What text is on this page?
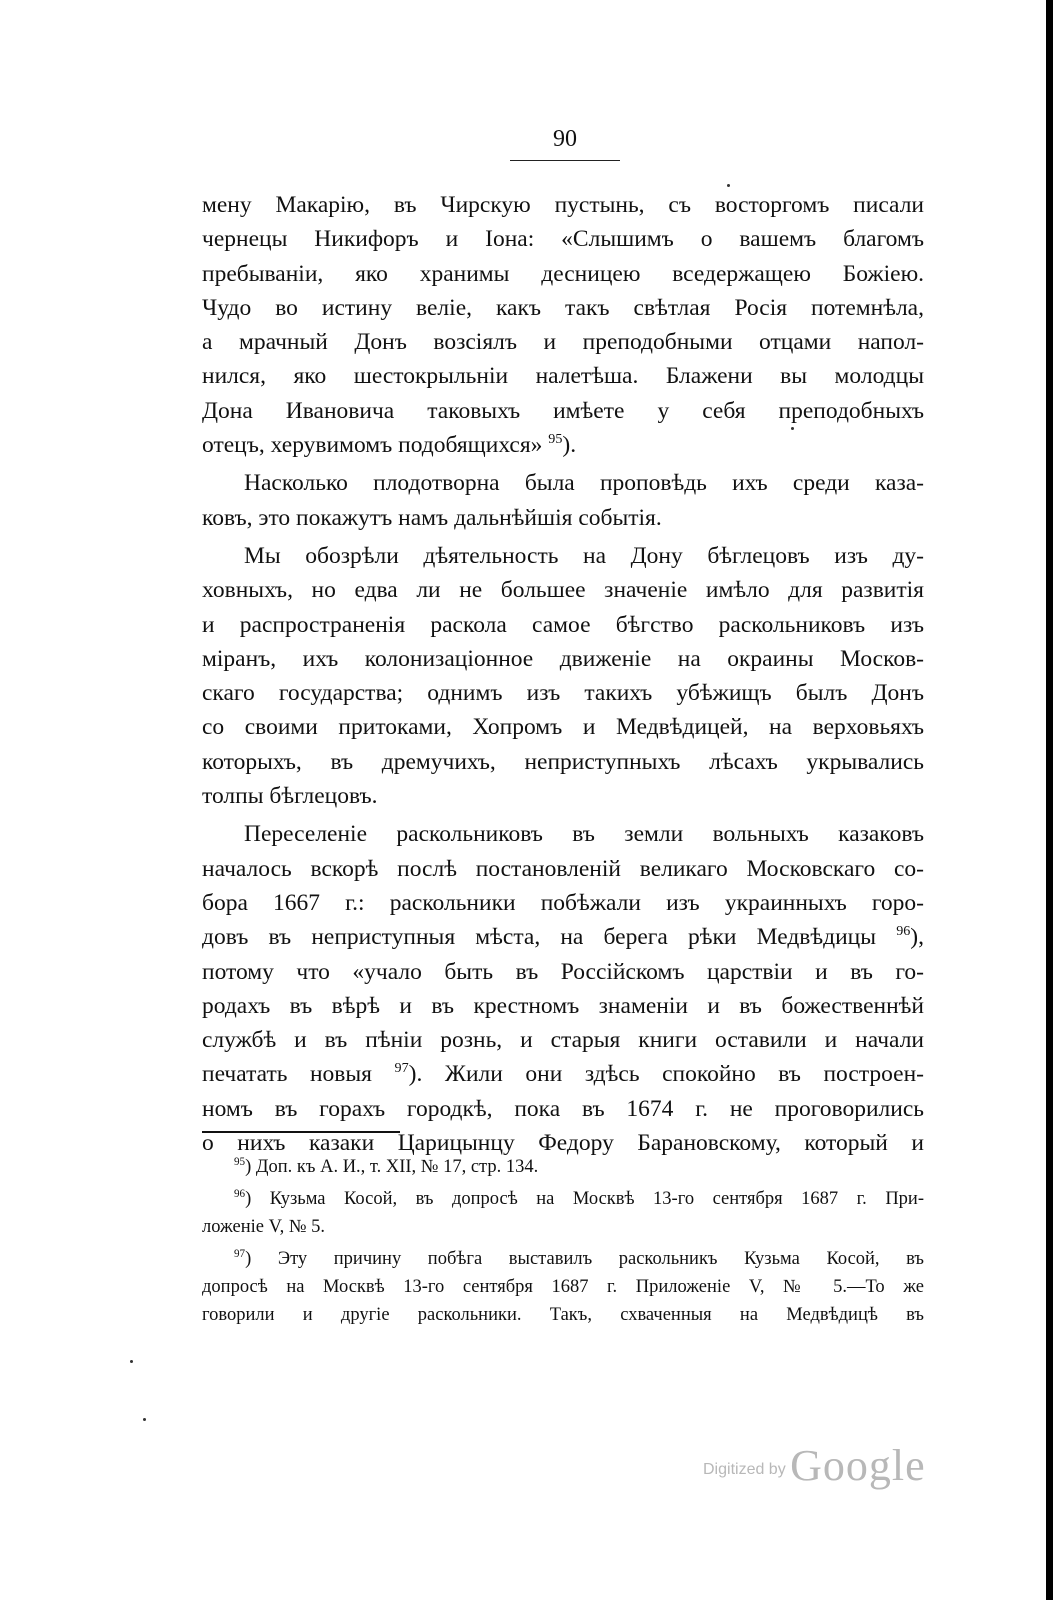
90
мену Макарію, въ Чирскую пустынь, съ восторгомъ писали
чернецы Никифоръ и Іона: «Слышимъ о вашемъ благомъ
пребываніи, яко хранимы десницею вседержащею Божіею.
Чудо во истину веліе, какъ такъ свѣтлая Росія потемнѣла,
а мрачный Донъ возсіялъ и преподобными отцами напол-
нился, яко шестокрыльніи налетѣша. Блажени вы молодцы
Дона Ивановича таковыхъ имѣете у себя преподобныхъ
отецъ, херувимомъ подобящихся» $^{95}$).
Насколько плодотворна была проповѣдь ихъ среди каза-
ковъ, это покажутъ намъ дальнѣйшія событія.
Мы обозрѣли дѣятельность на Дону бѣглецовъ изъ ду-
ховныхъ, но едва ли не большее значеніе имѣло для развитія
и распространенія раскола самое бѣгство раскольниковъ изъ
міранъ, ихъ колонизаціонное движеніе на окраины Москов-
скаго государства; однимъ изъ такихъ убѣжищъ былъ Донъ
со своими притоками, Хопромъ и Медвѣдицей, на верховьяхъ
которыхъ, въ дремучихъ, неприступныхъ лѣсахъ укрывались
толпы бѣглецовъ.
Переселеніе раскольниковъ въ земли вольныхъ казаковъ
началось вскорѣ послѣ постановленій великаго Московскаго со-
бора 1667 г.: раскольники побѣжали изъ украинныхъ горо-
довъ въ неприступныя мѣста, на берега рѣки Медвѣдицы $^{96}$),
потому что «учало быть въ Россійскомъ царствіи и въ го-
родахъ въ вѣрѣ и въ крестномъ знаменіи и въ божественнѣй
службѣ и въ пѣніи рознь, и старыя книги оставили и начали
печатать новыя $^{97}$). Жили они здѣсь спокойно въ построен-
номъ въ горахъ городкѣ, пока въ 1674 г. не проговорились
о нихъ казаки Царицынцу Федору Барановскому, который и
$^{95}$) Доп. къ А. И., т. XII, № 17, стр. 134.
$^{96}$) Кузьма Косой, въ допросѣ на Москвѣ 13-го сентября 1687 г. При-
ложеніе V, № 5.
$^{97}$) Эту причину побѣга выставилъ раскольникъ Кузьма Косой, въ
допросѣ на Москвѣ 13-го сентября 1687 г. Приложеніе V, № 5.—То же
говорили и другіе раскольники. Такъ, схваченныя на Медвѣдицѣ въ
Digitized by Google
